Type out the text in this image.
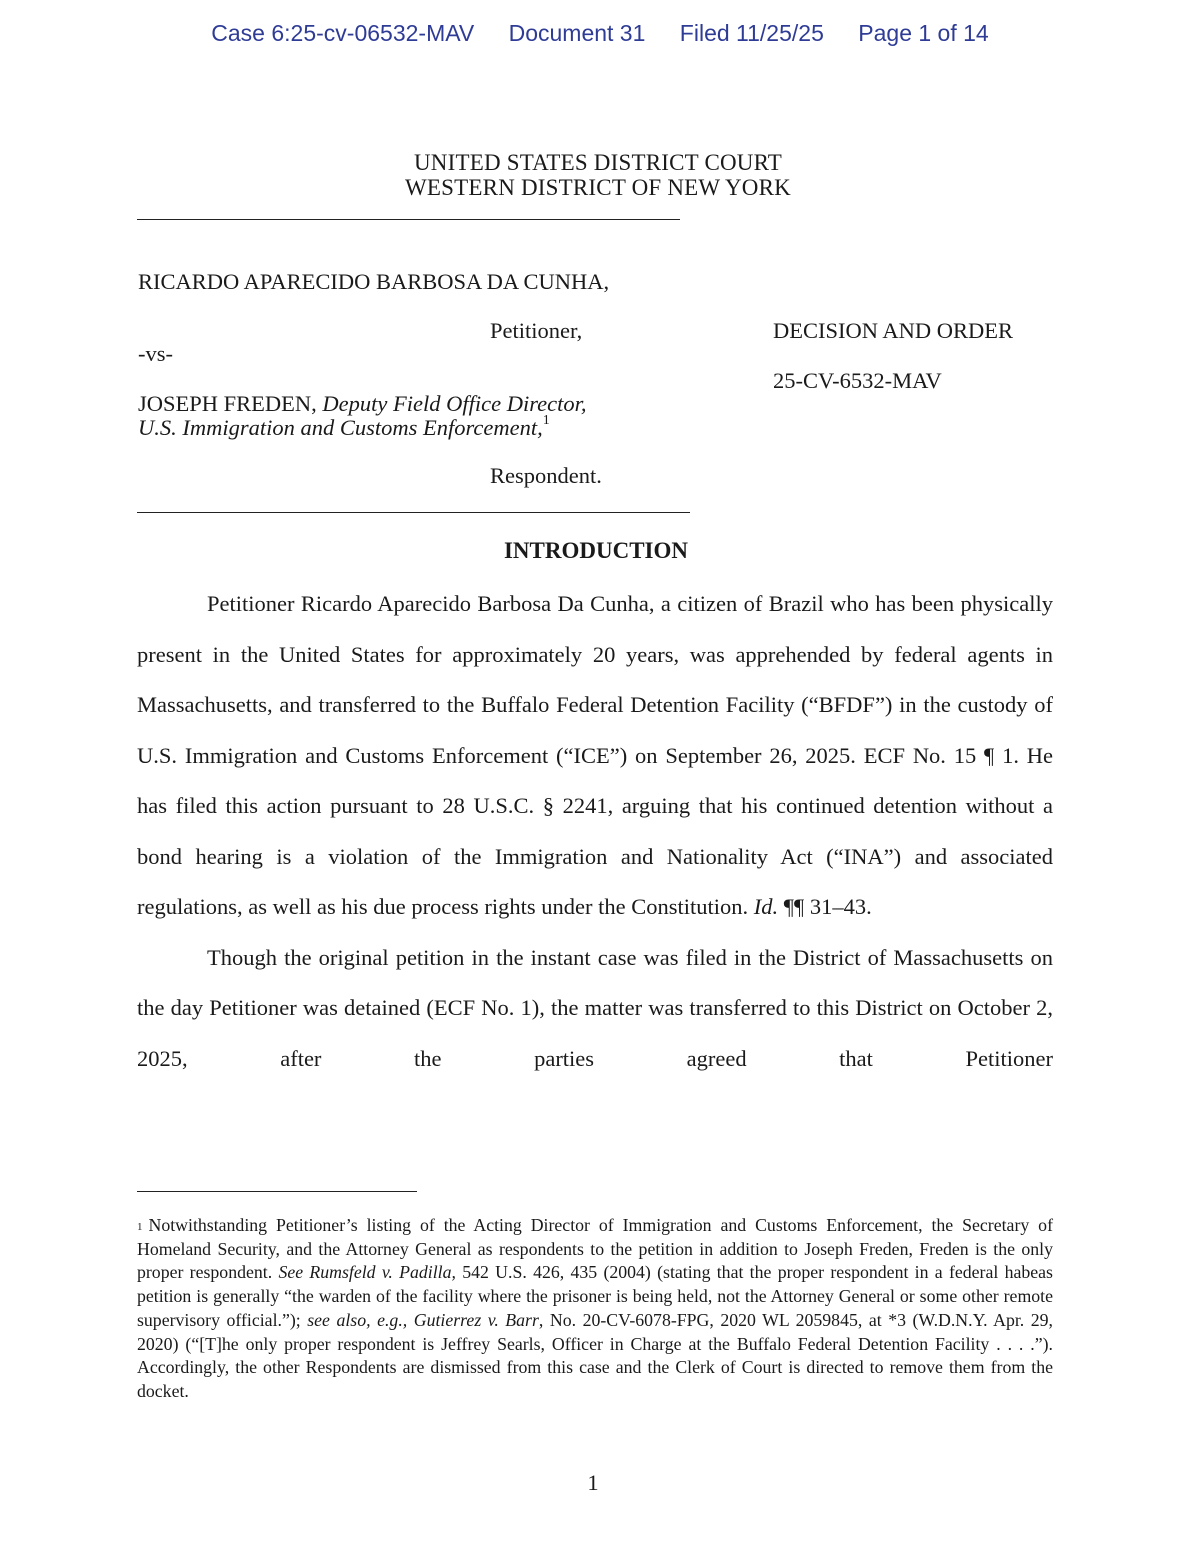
Case 6:25-cv-06532-MAV Document 31 Filed 11/25/25 Page 1 of 14
UNITED STATES DISTRICT COURT
WESTERN DISTRICT OF NEW YORK
RICARDO APARECIDO BARBOSA DA CUNHA,
Petitioner,
-vs-
JOSEPH FREDEN, Deputy Field Office Director,
U.S. Immigration and Customs Enforcement,$^1$
Respondent.
DECISION AND ORDER
25-CV-6532-MAV
INTRODUCTION

Petitioner Ricardo Aparecido Barbosa Da Cunha, a citizen of Brazil who has been physically present in the United States for approximately 20 years, was apprehended by federal agents in Massachusetts, and transferred to the Buffalo Federal Detention Facility (“BFDF”) in the custody of U.S. Immigration and Customs Enforcement (“ICE”) on September 26, 2025. ECF No. 15 ¶ 1. He has filed this action pursuant to 28 U.S.C. § 2241, arguing that his continued detention without a bond hearing is a violation of the Immigration and Nationality Act (“INA”) and associated regulations, as well as his due process rights under the Constitution. Id. ¶¶ 31–43.

Though the original petition in the instant case was filed in the District of Massachusetts on the day Petitioner was detained (ECF No. 1), the matter was transferred to this District on October 2, 2025, after the parties agreed that Petitioner

$^1$ Notwithstanding Petitioner’s listing of the Acting Director of Immigration and Customs Enforcement, the Secretary of Homeland Security, and the Attorney General as respondents to the petition in addition to Joseph Freden, Freden is the only proper respondent. See Rumsfeld v. Padilla, 542 U.S. 426, 435 (2004) (stating that the proper respondent in a federal habeas petition is generally “the warden of the facility where the prisoner is being held, not the Attorney General or some other remote supervisory official.”); see also, e.g., Gutierrez v. Barr, No. 20-CV-6078-FPG, 2020 WL 2059845, at *3 (W.D.N.Y. Apr. 29, 2020) (“[T]he only proper respondent is Jeffrey Searls, Officer in Charge at the Buffalo Federal Detention Facility . . . .”). Accordingly, the other Respondents are dismissed from this case and the Clerk of Court is directed to remove them from the docket.
1
